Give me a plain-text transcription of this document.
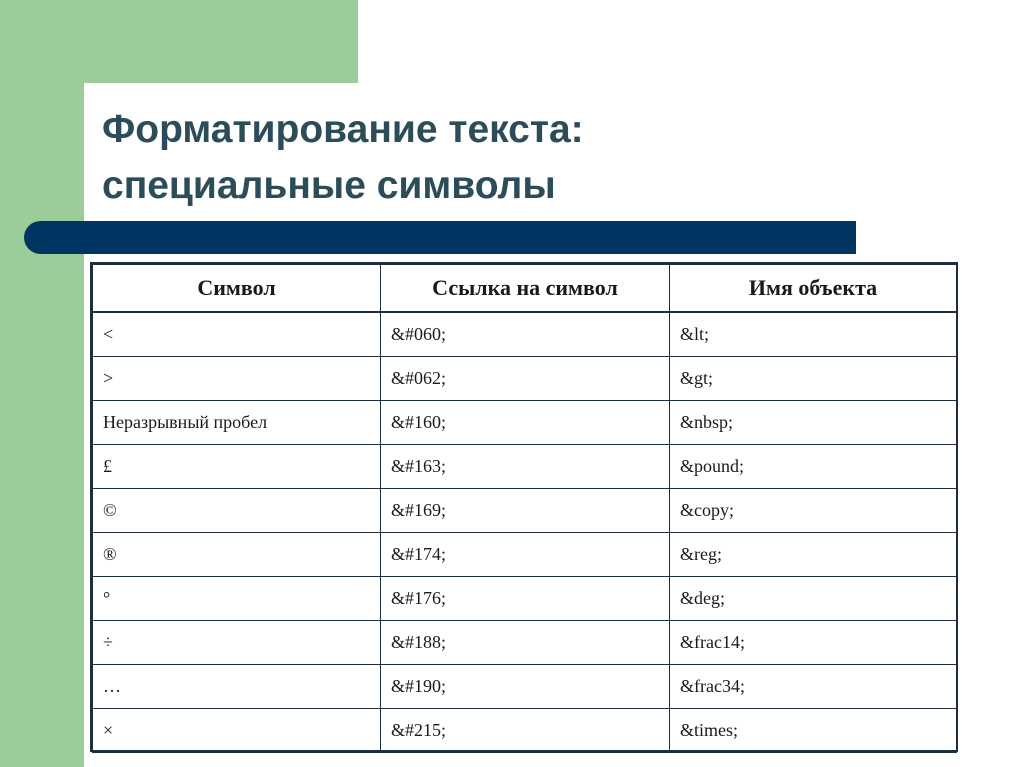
Форматирование текста:
специальные символы
Символ	Ссылка на символ	Имя объекта
<	&#060;	&lt;
>	&#062;	&gt;
Неразрывный пробел	&#160;	&nbsp;
£	&#163;	&pound;
©	&#169;	&copy;
®	&#174;	&reg;
°	&#176;	&deg;
÷	&#188;	&frac14;
…	&#190;	&frac34;
×	&#215;	&times;
